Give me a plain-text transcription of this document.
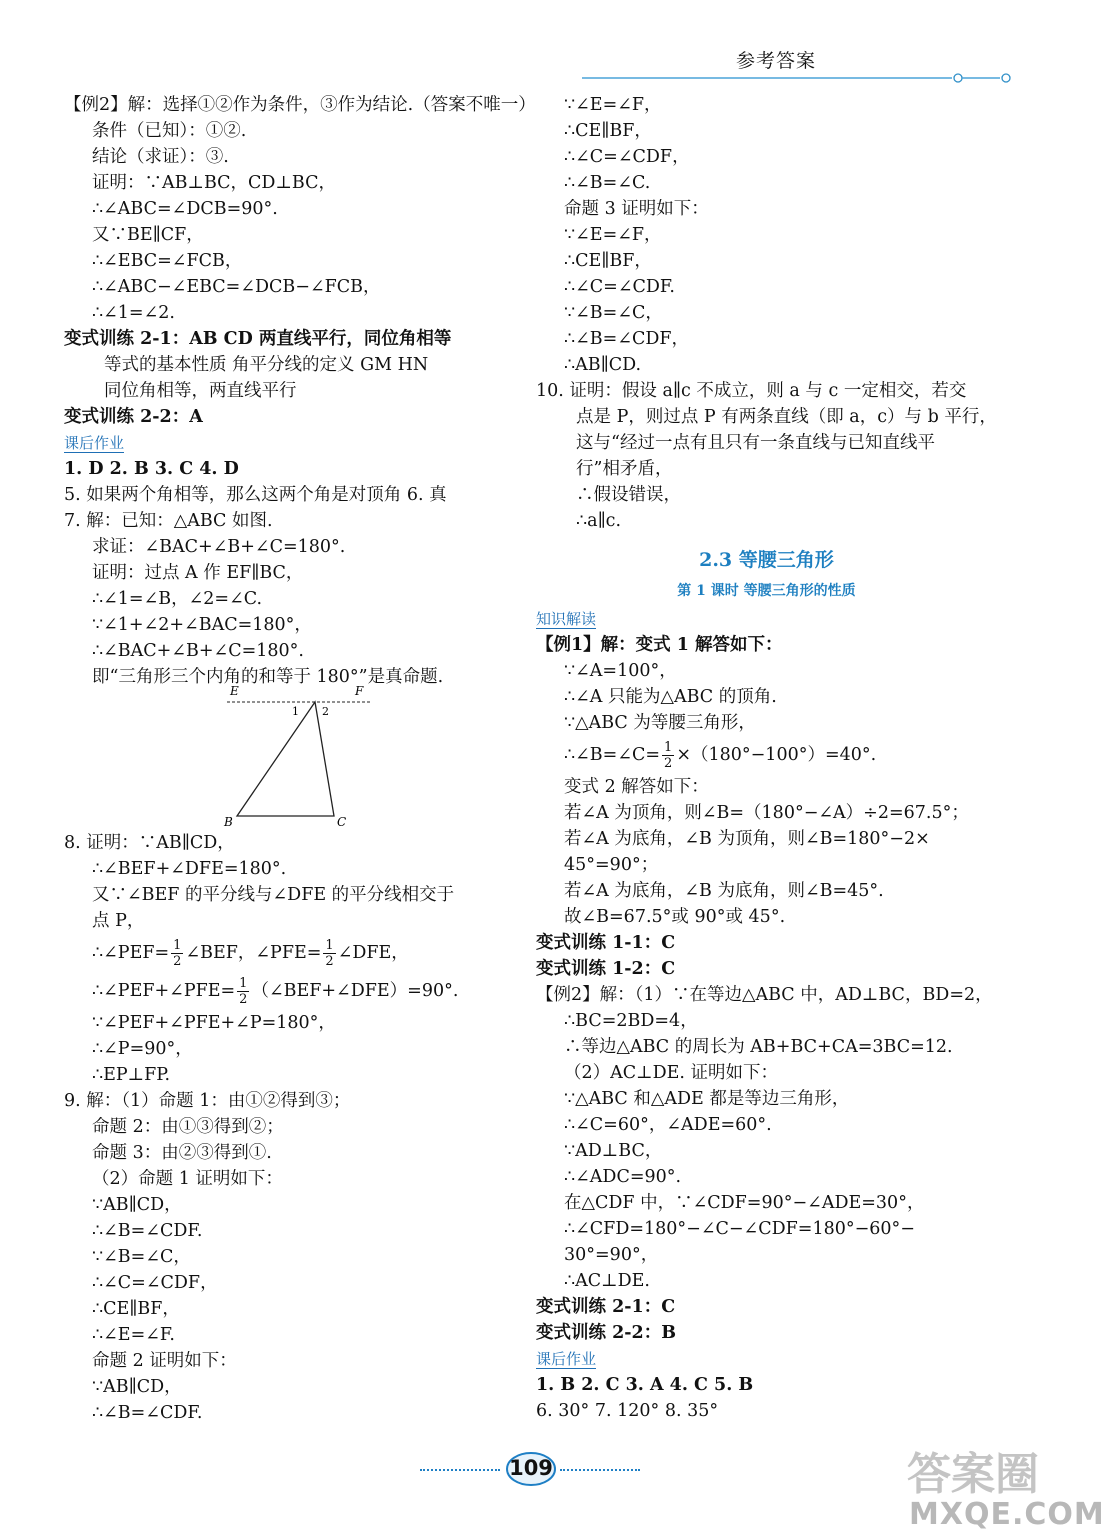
参考答案
【例2】解：选择①②作为条件，③作为结论.（答案不唯一）
条件（已知）：①②.
结论（求证）：③.
证明：∵AB⊥BC，CD⊥BC，
∴∠ABC=∠DCB=90°.
又∵BE∥CF，
∴∠EBC=∠FCB，
∴∠ABC−∠EBC=∠DCB−∠FCB，
∴∠1=∠2.
变式训练 2-1：AB CD 两直线平行，同位角相等
等式的基本性质 角平分线的定义 GM HN
同位角相等，两直线平行
变式训练 2-2：A
课后作业
1. D 2. B 3. C 4. D
5. 如果两个角相等，那么这两个角是对顶角 6. 真
7. 解：已知：△ABC 如图.
求证：∠BAC+∠B+∠C=180°.
证明：过点 A 作 EF∥BC，
∴∠1=∠B，∠2=∠C.
∵∠1+∠2+∠BAC=180°，
∴∠BAC+∠B+∠C=180°.
即“三角形三个内角的和等于 180°”是真命题.
8. 证明：∵AB∥CD，
∴∠BEF+∠DFE=180°.
又∵∠BEF 的平分线与∠DFE 的平分线相交于
点 P，
∴∠PEF= $\frac{1}{2}$ ∠BEF，∠PFE= $\frac{1}{2}$ ∠DFE，
∴∠PEF+∠PFE= $\frac{1}{2}$ （∠BEF+∠DFE）=90°.
∵∠PEF+∠PFE+∠P=180°，
∴∠P=90°，
∴EP⊥FP.
9. 解：（1）命题 1：由①②得到③；
命题 2：由①③得到②；
命题 3：由②③得到①.
（2）命题 1 证明如下：
∵AB∥CD，
∴∠B=∠CDF.
∵∠B=∠C，
∴∠C=∠CDF，
∴CE∥BF，
∴∠E=∠F.
命题 2 证明如下：
∵AB∥CD，
∴∠B=∠CDF.
E	F
1 2
B	C
∵∠E=∠F，
∴CE∥BF，
∴∠C=∠CDF，
∴∠B=∠C.
命题 3 证明如下：
∵∠E=∠F，
∴CE∥BF，
∴∠C=∠CDF.
∵∠B=∠C，
∴∠B=∠CDF，
∴AB∥CD.
10. 证明：假设 a∥c 不成立，则 a 与 c 一定相交，若交
点是 P，则过点 P 有两条直线（即 a，c）与 b 平行，
这与“经过一点有且只有一条直线与已知直线平
行”相矛盾，
∴假设错误，
∴a∥c.
2.3 等腰三角形
第 1 课时 等腰三角形的性质
知识解读
【例1】解：变式 1 解答如下：
∵∠A=100°，
∴∠A 只能为△ABC 的顶角.
∵△ABC 为等腰三角形，
∴∠B=∠C= $\frac{1}{2} \times(180^\circ-100^\circ)=40^\circ$.
变式 2 解答如下：
若∠A 为顶角，则∠B=（180°−∠A）÷2=67.5°；
若∠A 为底角，∠B 为顶角，则∠B=180°−2×
45°=90°；
若∠A 为底角，∠B 为底角，则∠B=45°.
故∠B=67.5°或 90°或 45°.
变式训练 1-1：C
变式训练 1-2：C
【例2】解：（1）∵在等边△ABC 中，AD⊥BC，BD=2，
∴BC=2BD=4，
∴等边△ABC 的周长为 AB+BC+CA=3BC=12.
（2）AC⊥DE. 证明如下：
∵△ABC 和△ADE 都是等边三角形，
∴∠C=60°，∠ADE=60°.
∵AD⊥BC，
∴∠ADC=90°.
在△CDF 中，∵∠CDF=90°−∠ADE=30°，
∴∠CFD=180°−∠C−∠CDF=180°−60°−
30°=90°，
∴AC⊥DE.
变式训练 2-1：C
变式训练 2-2：B
课后作业
1. B 2. C 3. A 4. C 5. B
6. 30° 7. 120° 8. 35°
109	答案圈
MXQE.COM
